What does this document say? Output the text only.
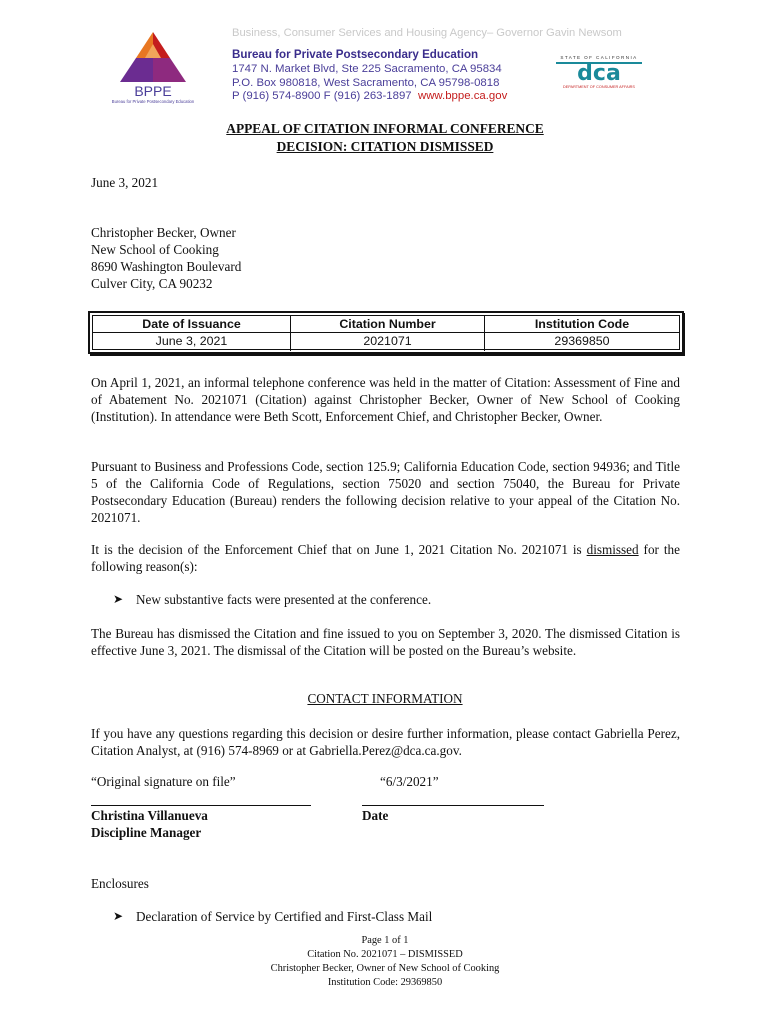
Business, Consumer Services and Housing Agency– Governor Gavin Newsom
BPPE
Bureau for Private Postsecondary Education
Bureau for Private Postsecondary Education
1747 N. Market Blvd, Ste 225 Sacramento, CA 95834
P.O. Box 980818, West Sacramento, CA 95798-0818
P (916) 574-8900 F (916) 263-1897 www.bppe.ca.gov
STATE OF CALIFORNIA
dca
DEPARTMENT OF CONSUMER AFFAIRS
APPEAL OF CITATION INFORMAL CONFERENCE
DECISION: CITATION DISMISSED
June 3, 2021
Christopher Becker, Owner
New School of Cooking
8690 Washington Boulevard
Culver City, CA 90232
Date of Issuance	Citation Number	Institution Code
June 3, 2021	2021071	29369850
On April 1, 2021, an informal telephone conference was held in the matter of Citation: Assessment of Fine and of Abatement No. 2021071 (Citation) against Christopher Becker, Owner of New School of Cooking (Institution). In attendance were Beth Scott, Enforcement Chief, and Christopher Becker, Owner.
Pursuant to Business and Professions Code, section 125.9; California Education Code, section 94936; and Title 5 of the California Code of Regulations, section 75020 and section 75040, the Bureau for Private Postsecondary Education (Bureau) renders the following decision relative to your appeal of the Citation No. 2021071.
It is the decision of the Enforcement Chief that on June 1, 2021 Citation No. 2021071 is dismissed for the following reason(s):
➤ New substantive facts were presented at the conference.
The Bureau has dismissed the Citation and fine issued to you on September 3, 2020. The dismissed Citation is effective June 3, 2021. The dismissal of the Citation will be posted on the Bureau’s website.
CONTACT INFORMATION
If you have any questions regarding this decision or desire further information, please contact Gabriella Perez, Citation Analyst, at (916) 574-8969 or at Gabriella.Perez@dca.ca.gov.
“Original signature on file”	“6/3/2021”
Christina Villanueva	Date
Discipline Manager
Enclosures
➤ Declaration of Service by Certified and First-Class Mail
Page 1 of 1
Citation No. 2021071 – DISMISSED
Christopher Becker, Owner of New School of Cooking
Institution Code: 29369850
